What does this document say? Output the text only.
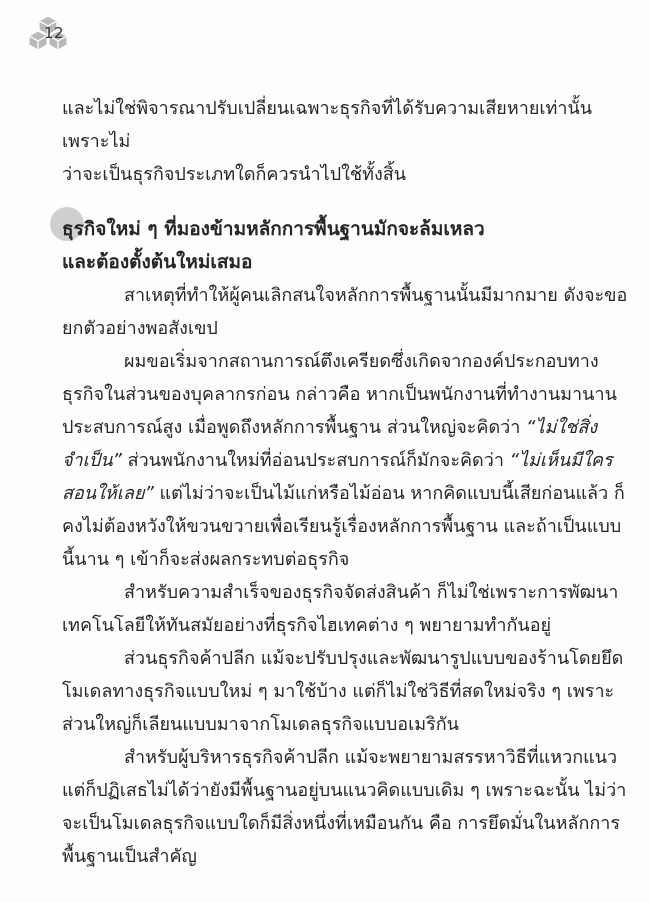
12

และไม่ใช่พิจารณาปรับเปลี่ยนเฉพาะธุรกิจที่ได้รับความเสียหายเท่านั้น เพราะไม่
ว่าจะเป็นธุรกิจประเภทใดก็ควรนำไปใช้ทั้งสิ้น

ธุรกิจใหม่ ๆ ที่มองข้ามหลักการพื้นฐานมักจะล้มเหลว
และต้องตั้งต้นใหม่เสมอ

สาเหตุที่ทำให้ผู้คนเลิกสนใจหลักการพื้นฐานนั้นมีมากมาย ดังจะขอยกตัวอย่างพอสังเขป

ผมขอเริ่มจากสถานการณ์ตึงเครียดซึ่งเกิดจากองค์ประกอบทางธุรกิจในส่วนของบุคลากรก่อน กล่าวคือ หากเป็นพนักงานที่ทำงานมานาน ประสบการณ์สูง เมื่อพูดถึงหลักการพื้นฐาน ส่วนใหญ่จะคิดว่า “ไม่ใช่สิ่งจำเป็น” ส่วนพนักงานใหม่ที่อ่อนประสบการณ์ก็มักจะคิดว่า “ไม่เห็นมีใครสอนให้เลย” แต่ไม่ว่าจะเป็นไม้แก่หรือไม้อ่อน หากคิดแบบนี้เสียก่อนแล้ว ก็คงไม่ต้องหวังให้ขวนขวายเพื่อเรียนรู้เรื่องหลักการพื้นฐาน และถ้าเป็นแบบนี้นาน ๆ เข้าก็จะส่งผลกระทบต่อธุรกิจ

สำหรับความสำเร็จของธุรกิจจัดส่งสินค้า ก็ไม่ใช่เพราะการพัฒนาเทคโนโลยีให้ทันสมัยอย่างที่ธุรกิจไฮเทคต่าง ๆ พยายามทำกันอยู่

ส่วนธุรกิจค้าปลีก แม้จะปรับปรุงและพัฒนารูปแบบของร้านโดยยึดโมเดลทางธุรกิจแบบใหม่ ๆ มาใช้บ้าง แต่ก็ไม่ใช่วิธีที่สดใหม่จริง ๆ เพราะส่วนใหญ่ก็เลียนแบบมาจากโมเดลธุรกิจแบบอเมริกัน

สำหรับผู้บริหารธุรกิจค้าปลีก แม้จะพยายามสรรหาวิธีที่แหวกแนวแต่ก็ปฏิเสธไม่ได้ว่ายังมีพื้นฐานอยู่บนแนวคิดแบบเดิม ๆ เพราะฉะนั้น ไม่ว่าจะเป็นโมเดลธุรกิจแบบใดก็มีสิ่งหนึ่งที่เหมือนกัน คือ การยึดมั่นในหลักการพื้นฐานเป็นสำคัญ
